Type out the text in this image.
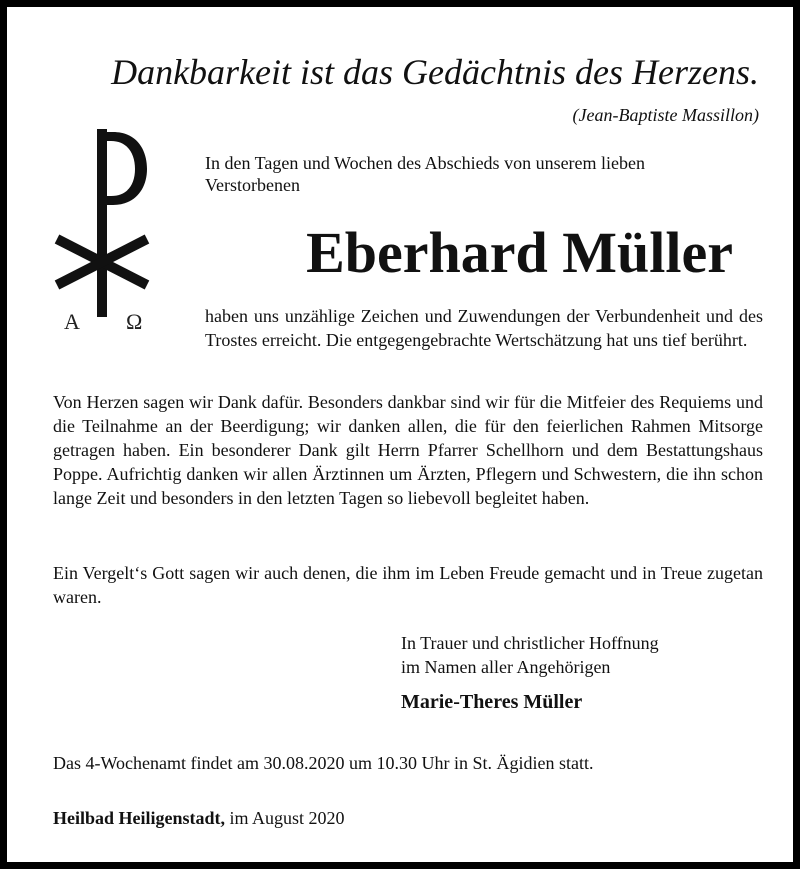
Dankbarkeit ist das Gedächtnis des Herzens.
(Jean-Baptiste Massillon)
A Ω
In den Tagen und Wochen des Abschieds von unserem lieben Verstorbenen
Eberhard Müller
haben uns unzählige Zeichen und Zuwendungen der Verbundenheit und des Trostes erreicht. Die entgegengebrachte Wertschätzung hat uns tief berührt.
Von Herzen sagen wir Dank dafür. Besonders dankbar sind wir für die Mitfeier des Requiems und die Teilnahme an der Beerdigung; wir danken allen, die für den feierlichen Rahmen Mitsorge getragen haben. Ein besonderer Dank gilt Herrn Pfarrer Schellhorn und dem Bestattungshaus Poppe. Aufrichtig danken wir allen Ärztinnen um Ärzten, Pflegern und Schwestern, die ihn schon lange Zeit und besonders in den letzten Tagen so liebevoll begleitet haben.
Ein Vergelt‘s Gott sagen wir auch denen, die ihm im Leben Freude gemacht und in Treue zugetan waren.
In Trauer und christlicher Hoffnung
im Namen aller Angehörigen
Marie-Theres Müller
Das 4-Wochenamt findet am 30.08.2020 um 10.30 Uhr in St. Ägidien statt.
Heilbad Heiligenstadt, im August 2020
